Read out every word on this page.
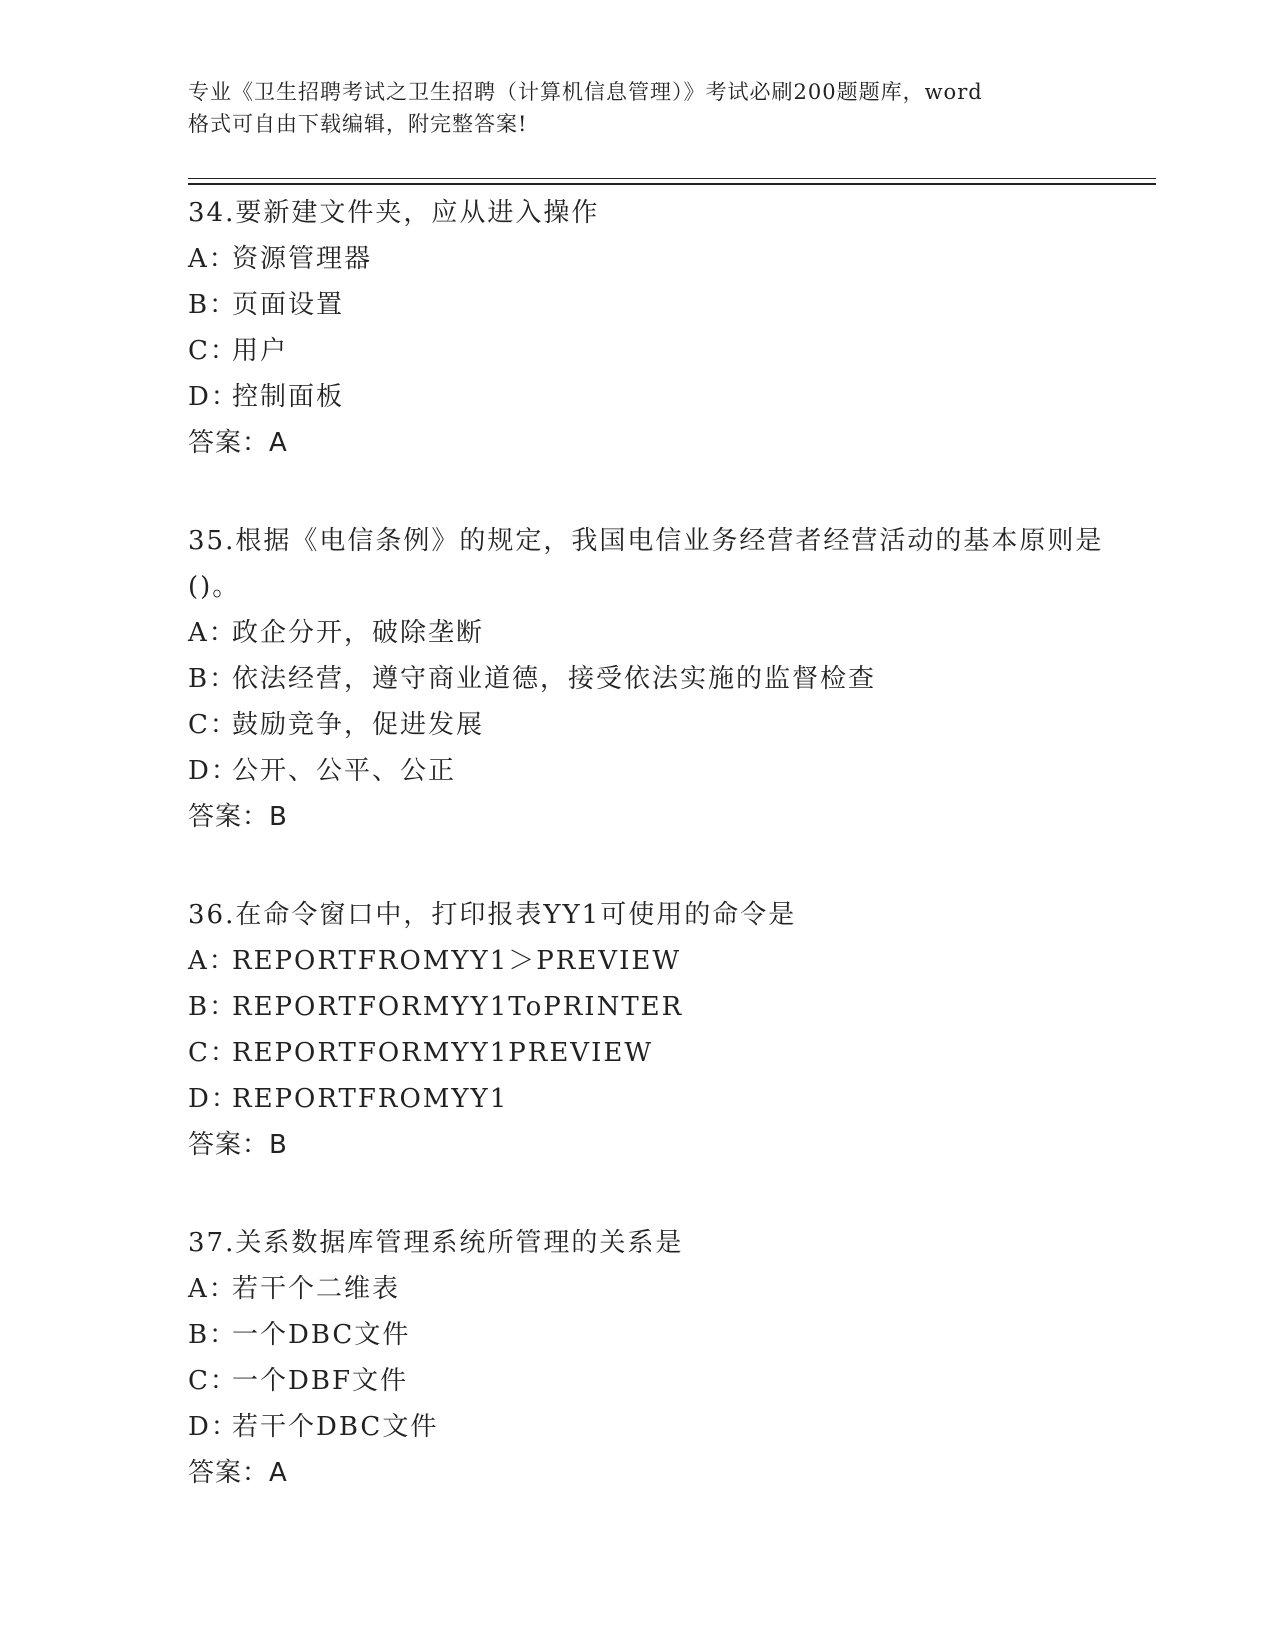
专业《卫生招聘考试之卫生招聘（计算机信息管理）》考试必刷200题题库，word
格式可自由下载编辑，附完整答案!

34.要新建文件夹，应从进入操作

A：
资源管理器

B：
页面设置

C：
用户

D：
控制面板

答案：A

35.根据《电信条例》的规定，我国电信业务经营者经营活动的基本原则是()。

A：
政企分开，破除垄断

B：
依法经营，遵守商业道德，接受依法实施的监督检查

C：
鼓励竞争，促进发展

D：
公开、公平、公正

答案：B

36.在命令窗口中，打印报表YY1可使用的命令是

A：
REPORTFROMYY1＞PREVIEW

B：
REPORTFORMYY1ToPRINTER

C：
REPORTFORMYY1PREVIEW

D：
REPORTFROMYY1

答案：B

37.关系数据库管理系统所管理的关系是

A：
若干个二维表

B：
一个DBC文件

C：
一个DBF文件

D：
若干个DBC文件

答案：A
